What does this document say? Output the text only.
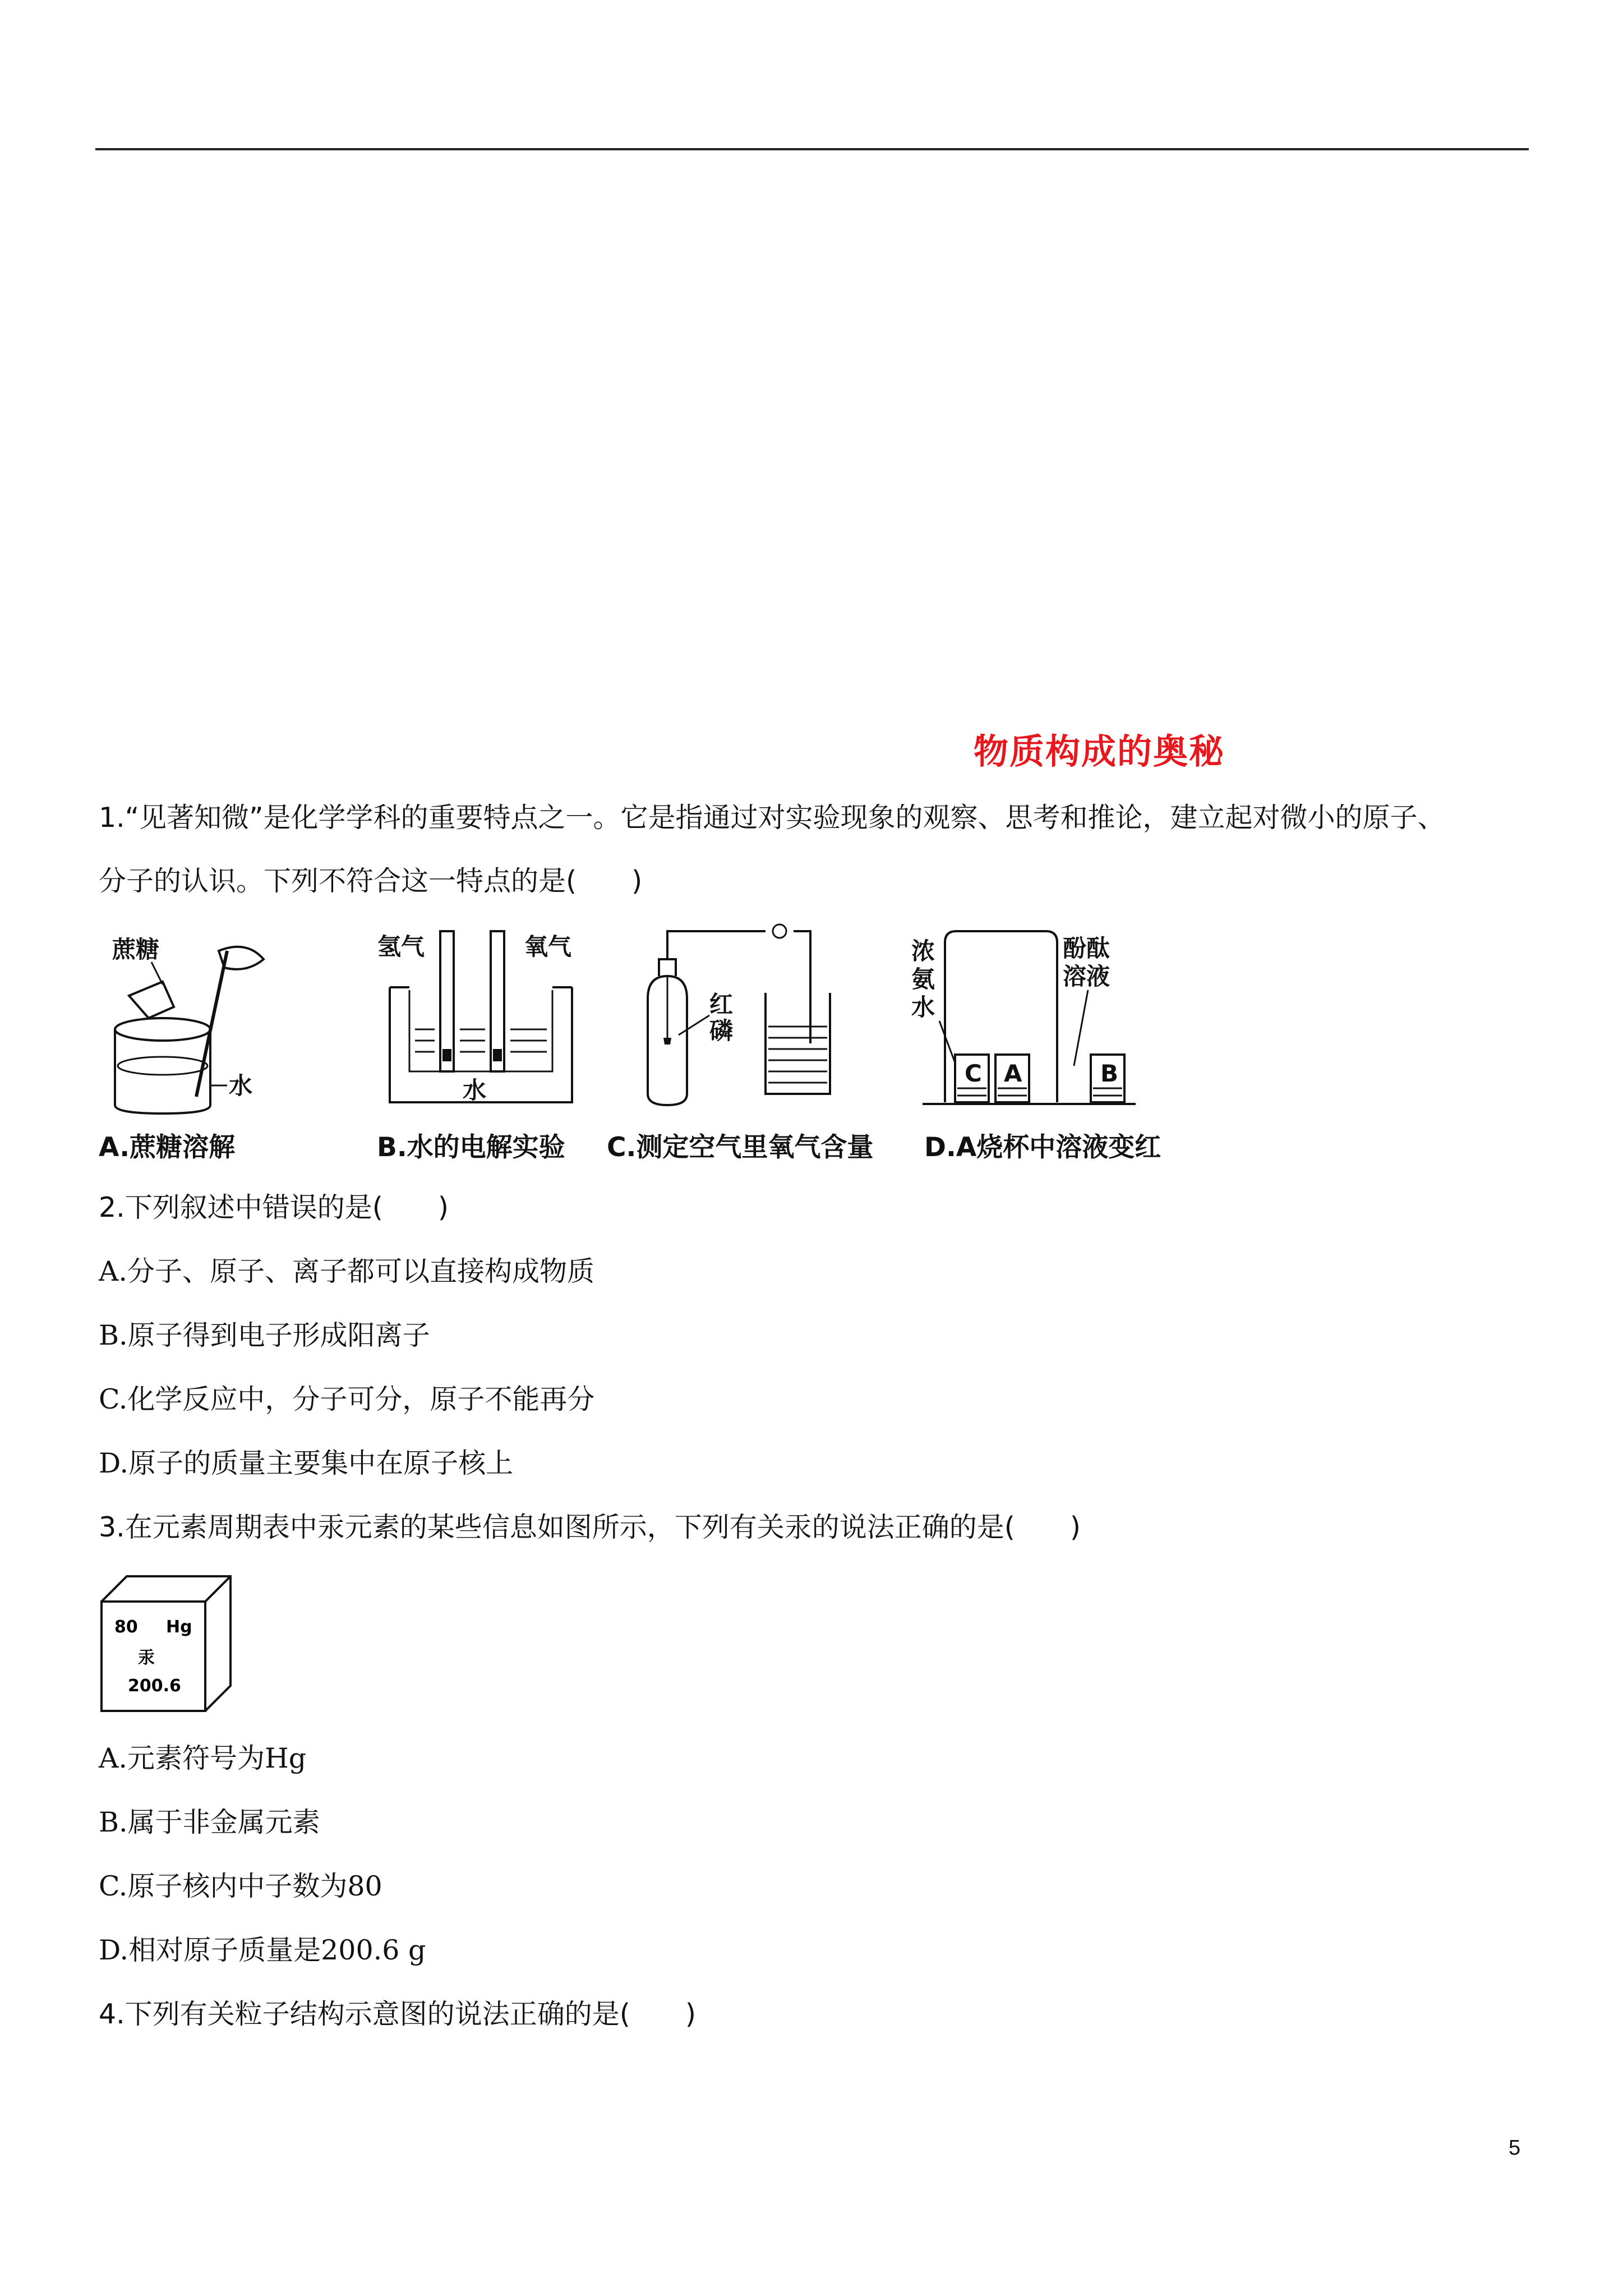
物质构成的奥秘
1.“见著知微”是化学学科的重要特点之一。它是指通过对实验现象的观察、思考和推论，建立起对微小的原子、
分子的认识。下列不符合这一特点的是(　　)
蔗糖
水
氢气	氧气
水
红
磷
浓
氨
水
酚酞
溶液
C A	B
A.蔗糖溶解	B.水的电解实验 C.测定空气里氧气含量 D.A烧杯中溶液变红
2.下列叙述中错误的是(　　)
A.分子、原子、离子都可以直接构成物质
B.原子得到电子形成阳离子
C.化学反应中，分子可分，原子不能再分
D.原子的质量主要集中在原子核上
3.在元素周期表中汞元素的某些信息如图所示，下列有关汞的说法正确的是(　　)
80 Hg
汞
200.6
A.元素符号为Hg
B.属于非金属元素
C.原子核内中子数为80
D.相对原子质量是200.6 g
4.下列有关粒子结构示意图的说法正确的是(　　)
5
